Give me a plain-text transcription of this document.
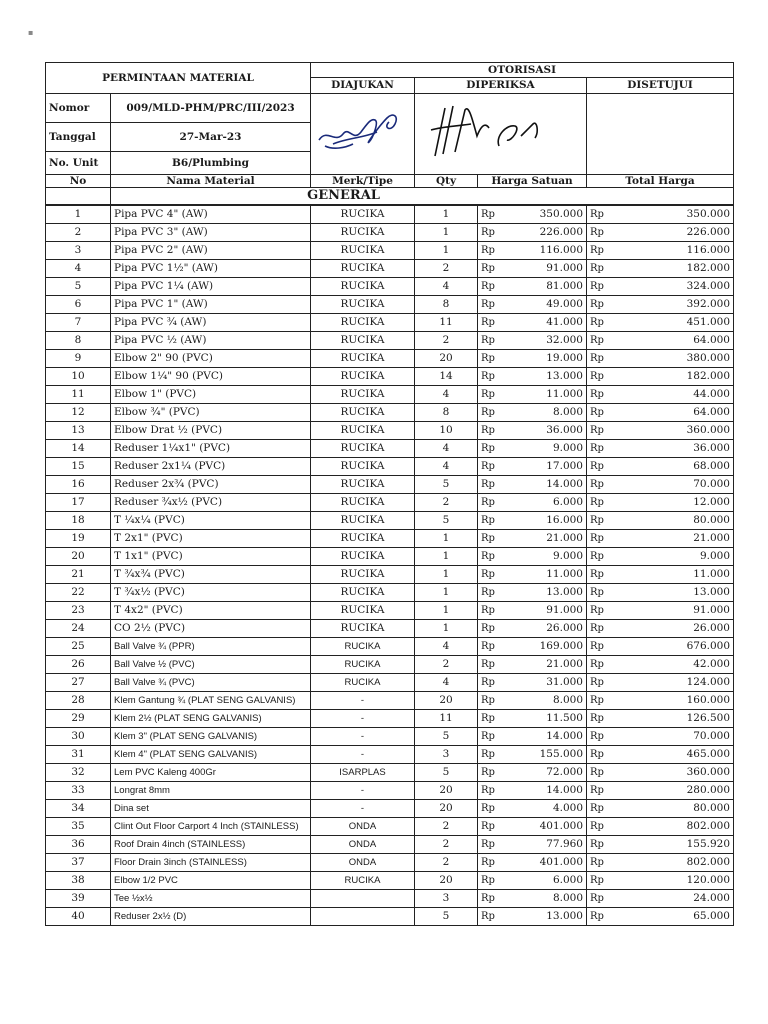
▪
PERMINTAAN MATERIAL		OTORISASI			
		DIAJUKAN	DIPERIKSA		DISETUJUI
Nomor	009/MLD-PHM/PRC/III/2023	

Tanggal	27-Mar-23				
No. Unit	B6/Plumbing				
No	Nama Material	Merk/Tipe	Qty	Harga Satuan	Total Harga
	GENERAL				
1	Pipa PVC 4" (AW)	RUCIKA	1	Rp	350.000	Rp	350.000
2	Pipa PVC 3" (AW)	RUCIKA	1	Rp	226.000	Rp	226.000
3	Pipa PVC 2" (AW)	RUCIKA	1	Rp	116.000	Rp	116.000
4	Pipa PVC 1½" (AW)	RUCIKA	2	Rp	91.000	Rp	182.000
5	Pipa PVC 1¼ (AW)	RUCIKA	4	Rp	81.000	Rp	324.000
6	Pipa PVC 1" (AW)	RUCIKA	8	Rp	49.000	Rp	392.000
7	Pipa PVC ¾ (AW)	RUCIKA	11	Rp	41.000	Rp	451.000
8	Pipa PVC ½ (AW)	RUCIKA	2	Rp	32.000	Rp	64.000
9	Elbow 2" 90 (PVC)	RUCIKA	20	Rp	19.000	Rp	380.000
10	Elbow 1¼" 90 (PVC)	RUCIKA	14	Rp	13.000	Rp	182.000
11	Elbow 1" (PVC)	RUCIKA	4	Rp	11.000	Rp	44.000
12	Elbow ¾" (PVC)	RUCIKA	8	Rp	8.000	Rp	64.000
13	Elbow Drat ½ (PVC)	RUCIKA	10	Rp	36.000	Rp	360.000
14	Reduser 1¼x1" (PVC)	RUCIKA	4	Rp	9.000	Rp	36.000
15	Reduser 2x1¼ (PVC)	RUCIKA	4	Rp	17.000	Rp	68.000
16	Reduser 2x¾ (PVC)	RUCIKA	5	Rp	14.000	Rp	70.000
17	Reduser ¾x½ (PVC)	RUCIKA	2	Rp	6.000	Rp	12.000
18	T ¼x¼ (PVC)	RUCIKA	5	Rp	16.000	Rp	80.000
19	T 2x1" (PVC)	RUCIKA	1	Rp	21.000	Rp	21.000
20	T 1x1" (PVC)	RUCIKA	1	Rp	9.000	Rp	9.000
21	T ¾x¾ (PVC)	RUCIKA	1	Rp	11.000	Rp	11.000
22	T ¾x½ (PVC)	RUCIKA	1	Rp	13.000	Rp	13.000
23	T 4x2" (PVC)	RUCIKA	1	Rp	91.000	Rp	91.000
24	CO 2½ (PVC)	RUCIKA	1	Rp	26.000	Rp	26.000
25	Ball Valve ¾ (PPR)	RUCIKA	4	Rp	169.000	Rp	676.000
26	Ball Valve ½ (PVC)	RUCIKA	2	Rp	21.000	Rp	42.000
27	Ball Valve ¾ (PVC)	RUCIKA	4	Rp	31.000	Rp	124.000
28	Klem Gantung ¾ (PLAT SENG GALVANIS)	-	20	Rp	8.000	Rp	160.000
29	Klem 2½ (PLAT SENG GALVANIS)	-	11	Rp	11.500	Rp	126.500
30	Klem 3" (PLAT SENG GALVANIS)	-	5	Rp	14.000	Rp	70.000
31	Klem 4" (PLAT SENG GALVANIS)	-	3	Rp	155.000	Rp	465.000
32	Lem PVC Kaleng 400Gr	ISARPLAS	5	Rp	72.000	Rp	360.000
33	Longrat 8mm	-	20	Rp	14.000	Rp	280.000
34	Dina set	-	20	Rp	4.000	Rp	80.000
35	Clint Out Floor Carport 4 Inch (STAINLESS)	ONDA	2	Rp	401.000	Rp	802.000
36	Roof Drain 4inch (STAINLESS)	ONDA	2	Rp	77.960	Rp	155.920
37	Floor Drain 3inch (STAINLESS)	ONDA	2	Rp	401.000	Rp	802.000
38	Elbow 1/2 PVC	RUCIKA	20	Rp	6.000	Rp	120.000
39	Tee ½x½		3	Rp	8.000	Rp	24.000
40	Reduser 2x½ (D)		5	Rp	13.000	Rp	65.000
